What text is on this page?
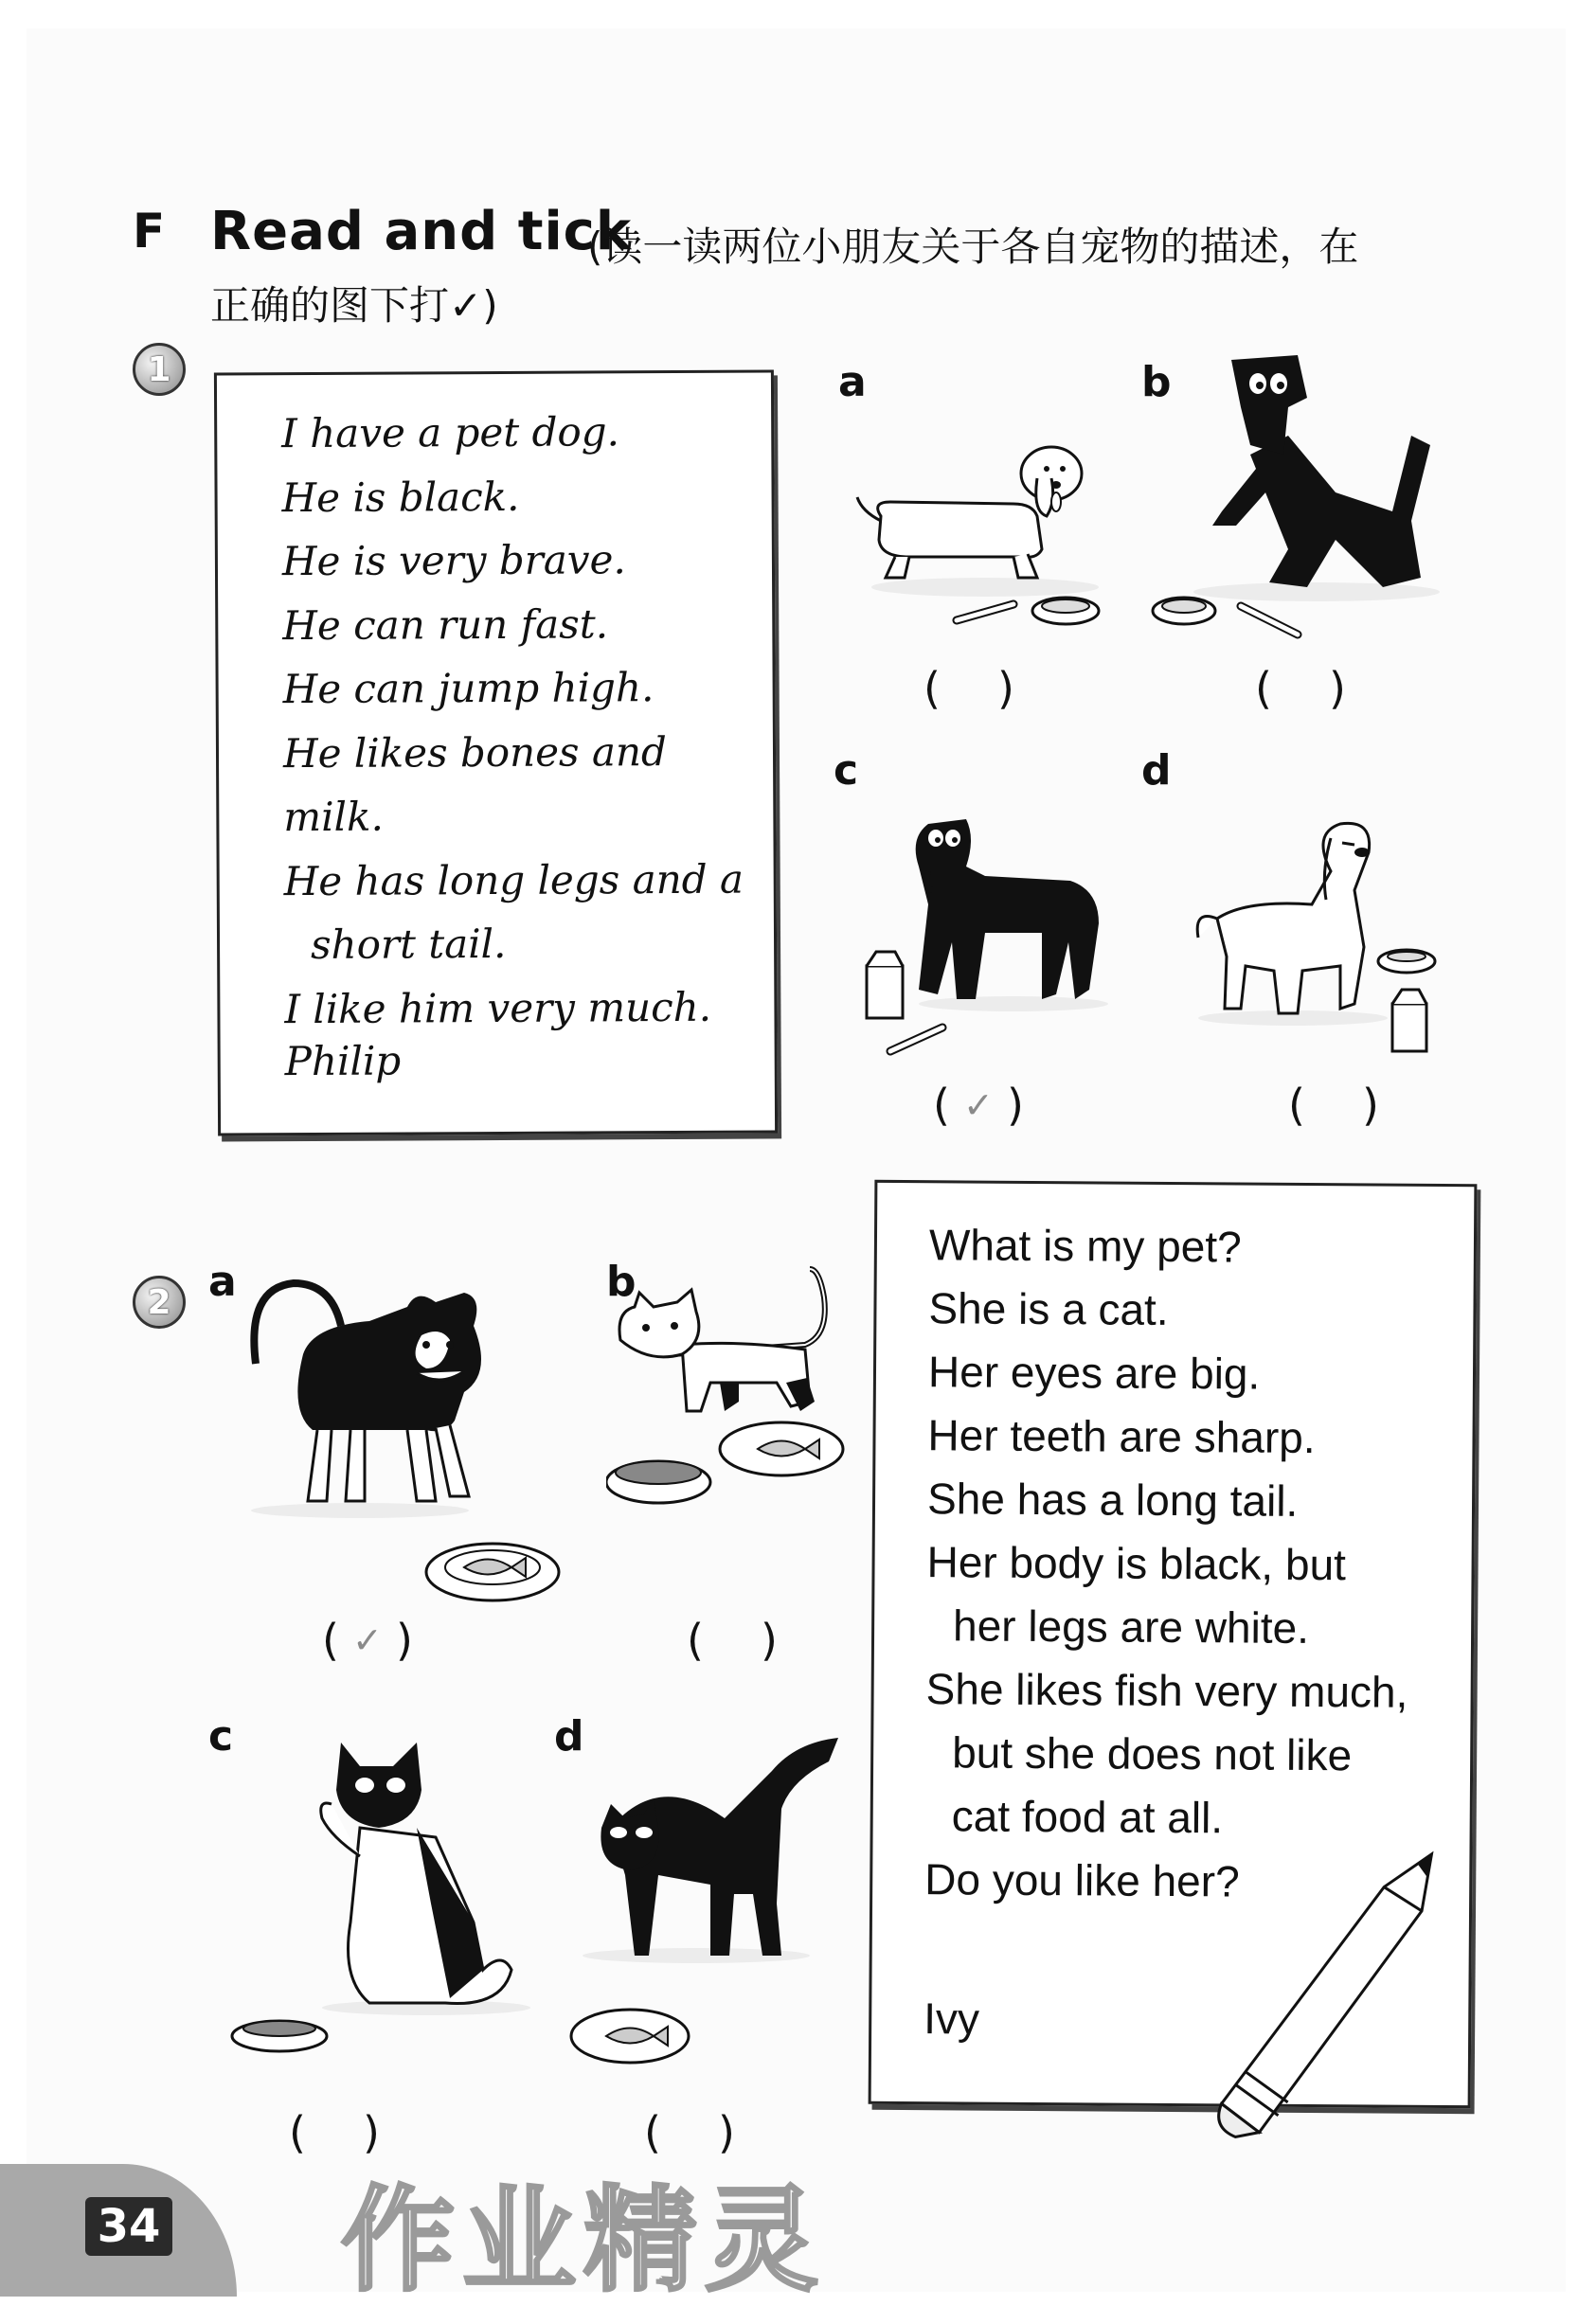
F Read and tick
(读一读两位小朋友关于各自宠物的描述，在
正确的图下打✓)
1
I have a pet dog.
He is black.
He is very brave.
He can run fast.
He can jump high.
He likes bones and milk.
He has long legs and a
short tail.
I like him very much.
Philip
a
( )
b
( )
c
( ✓ )
d
( )
2 a
( ✓ )
b
( )
c
( )
d
( )
What is my pet?
She is a cat.
Her eyes are big.
Her teeth are sharp.
She has a long tail.
Her body is black, but
her legs are white.
She likes fish very much,
but she does not like
cat food at all.
Do you like her?
Ivy
34 作业精灵
